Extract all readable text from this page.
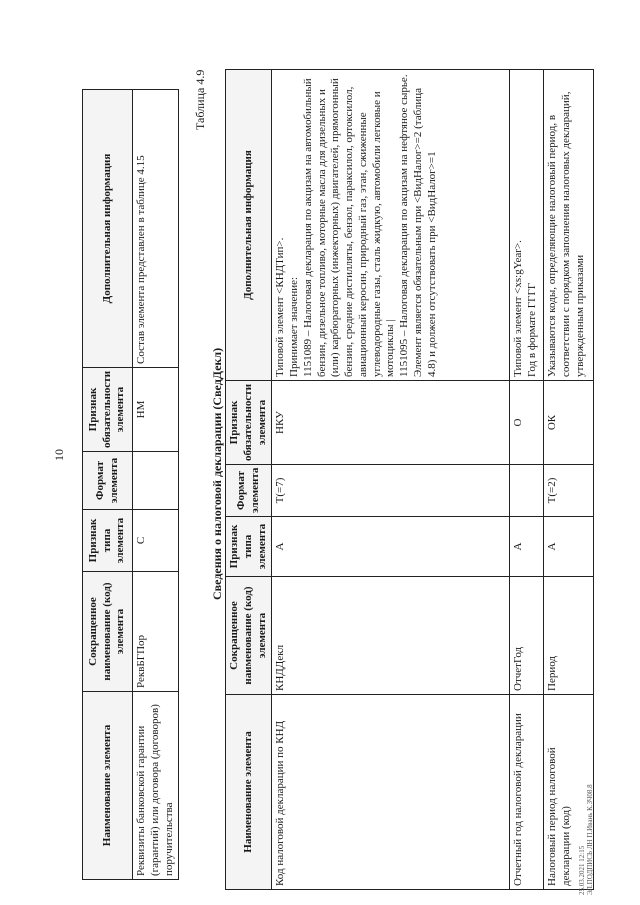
10
Наименование элемента	Сокращенное наименование (код) элемента	Признак типа элемента	Формат элемента	Признак обязательности элемента	Дополнительная информация
Реквизиты банковской гарантии (гарантий) или договора (договоров) поручительства	РеквБГПор	С		НМ	Состав элемента представлен в таблице 4.15
Таблица 4.9
Сведения о налоговой декларации (СведДекл)
Наименование элемента	Сокращенное наименование (код) элемента	Признак типа элемента	Формат элемента	Признак обязательности элемента	Дополнительная информация
Код налоговой декларации по КНД	КНДДекл	А	T(=7)	НКУ	Типовой элемент <КНДТип>.
Принимает значение:
1151089 – Налоговая декларация по акцизам на автомобильный бензин, дизельное топливо, моторные масла для дизельных и (или) карбюраторных (инжекторных) двигателей, прямогонный бензин, средние дистилляты, бензол, параксилол, ортоксилол, авиационный керосин, природный газ, этан, сжиженные углеводородные газы, сталь жидкую, автомобили легковые и мотоциклы |
1151095 – Налоговая декларация по акцизам на нефтяное сырье.
Элемент является обязательным при <ВидНалог>=2 (таблица 4.8) и должен отсутствовать при <ВидНалог>=1
Отчетный год налоговой декларации	ОтчетГод	А		О	Типовой элемент <xs:gYear>.
Год в формате ГГГГ
Налоговый период налоговой декларации (код)	Период	А	T(=2)	ОК	Указываются коды, определяющие налоговый период, в соответствии с порядком заполнения налоговых деклараций, утвержденным приказами
25.03.2021 12:15 ЭЛ.ПОДПИСЬ ЛН П.Ивань К.ЗЧ08.8
